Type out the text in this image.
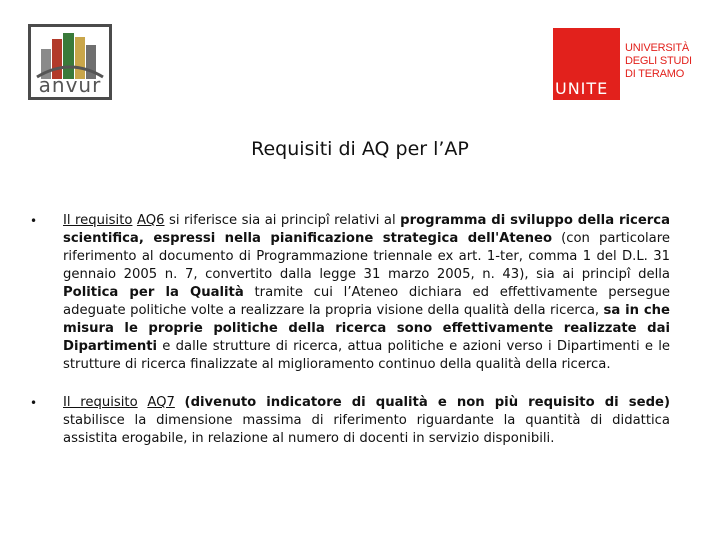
anvur	UNITE
UNIVERSITÀ
DEGLI STUDI
DI TERAMO
Requisiti di AQ per l’AP
• Il requisito AQ6 si riferisce sia ai principî relativi al programma di sviluppo della ricerca scientifica, espressi nella pianificazione strategica dell'Ateneo (con particolare riferimento al documento di Programmazione triennale ex art. 1-ter, comma 1 del D.L. 31 gennaio 2005 n. 7, convertito dalla legge 31 marzo 2005, n. 43), sia ai principî della Politica per la Qualità tramite cui l’Ateneo dichiara ed effettivamente persegue adeguate politiche volte a realizzare la propria visione della qualità della ricerca, sa in che misura le proprie politiche della ricerca sono effettivamente realizzate dai Dipartimenti e dalle strutture di ricerca, attua politiche e azioni verso i Dipartimenti e le strutture di ricerca finalizzate al miglioramento continuo della qualità della ricerca.
• Il requisito AQ7 (divenuto indicatore di qualità e non più requisito di sede) stabilisce la dimensione massima di riferimento riguardante la quantità di didattica assistita erogabile, in relazione al numero di docenti in servizio disponibili.
